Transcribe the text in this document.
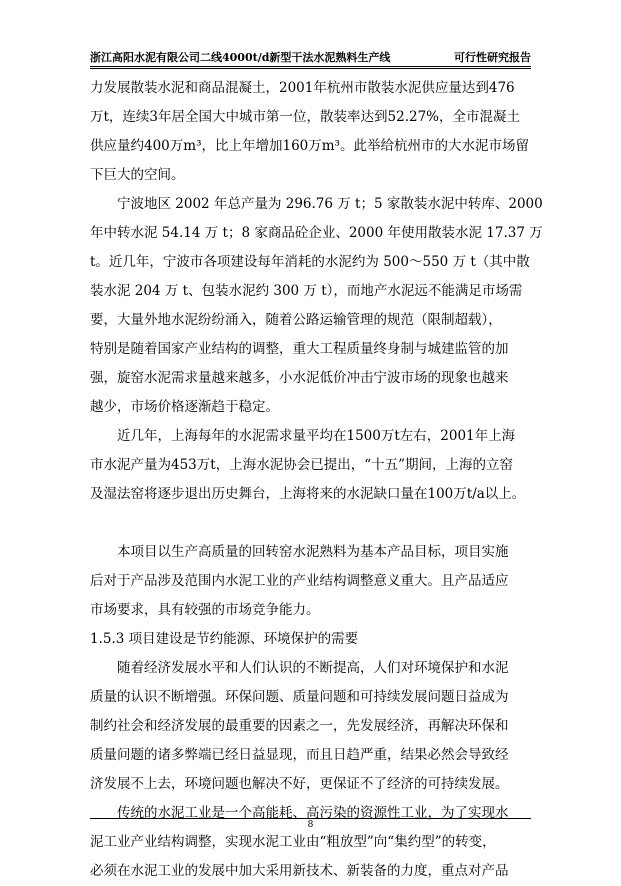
浙江高阳水泥有限公司二线4000t/d新型干法水泥熟料生产线	可行性研究报告
力发展散装水泥和商品混凝土，2001年杭州市散装水泥供应量达到476
万t，连续3年居全国大中城市第一位，散装率达到52.27%，全市混凝土
供应量约400万m³，比上年增加160万m³。此举给杭州市的大水泥市场留
下巨大的空间。
　　宁波地区 2002 年总产量为 296.76 万 t；5 家散装水泥中转库、2000
年中转水泥 54.14 万 t；8 家商品砼企业、2000 年使用散装水泥 17.37 万
t。近几年，宁波市各项建设每年消耗的水泥约为 500～550 万 t（其中散
装水泥 204 万 t、包装水泥约 300 万 t），而地产水泥远不能满足市场需
要，大量外地水泥纷纷涌入，随着公路运输管理的规范（限制超载），
特别是随着国家产业结构的调整，重大工程质量终身制与城建监管的加
强，旋窑水泥需求量越来越多，小水泥低价冲击宁波市场的现象也越来
越少，市场价格逐渐趋于稳定。
　　近几年，上海每年的水泥需求量平均在1500万t左右，2001年上海
市水泥产量为453万t，上海水泥协会已提出，“十五”期间，上海的立窑
及湿法窑将逐步退出历史舞台，上海将来的水泥缺口量在100万t/a以上。
　　本项目以生产高质量的回转窑水泥熟料为基本产品目标，项目实施
后对于产品涉及范围内水泥工业的产业结构调整意义重大。且产品适应
市场要求，具有较强的市场竞争能力。
1.5.3 项目建设是节约能源、环境保护的需要
　　随着经济发展水平和人们认识的不断提高，人们对环境保护和水泥
质量的认识不断增强。环保问题、质量问题和可持续发展问题日益成为
制约社会和经济发展的最重要的因素之一，先发展经济，再解决环保和
质量问题的诸多弊端已经日益显现，而且日趋严重，结果必然会导致经
济发展不上去，环境问题也解决不好，更保证不了经济的可持续发展。
　　传统的水泥工业是一个高能耗、高污染的资源性工业，为了实现水
泥工业产业结构调整，实现水泥工业由“粗放型”向“集约型”的转变，
必须在水泥工业的发展中加大采用新技术、新装备的力度，重点对产品
8
